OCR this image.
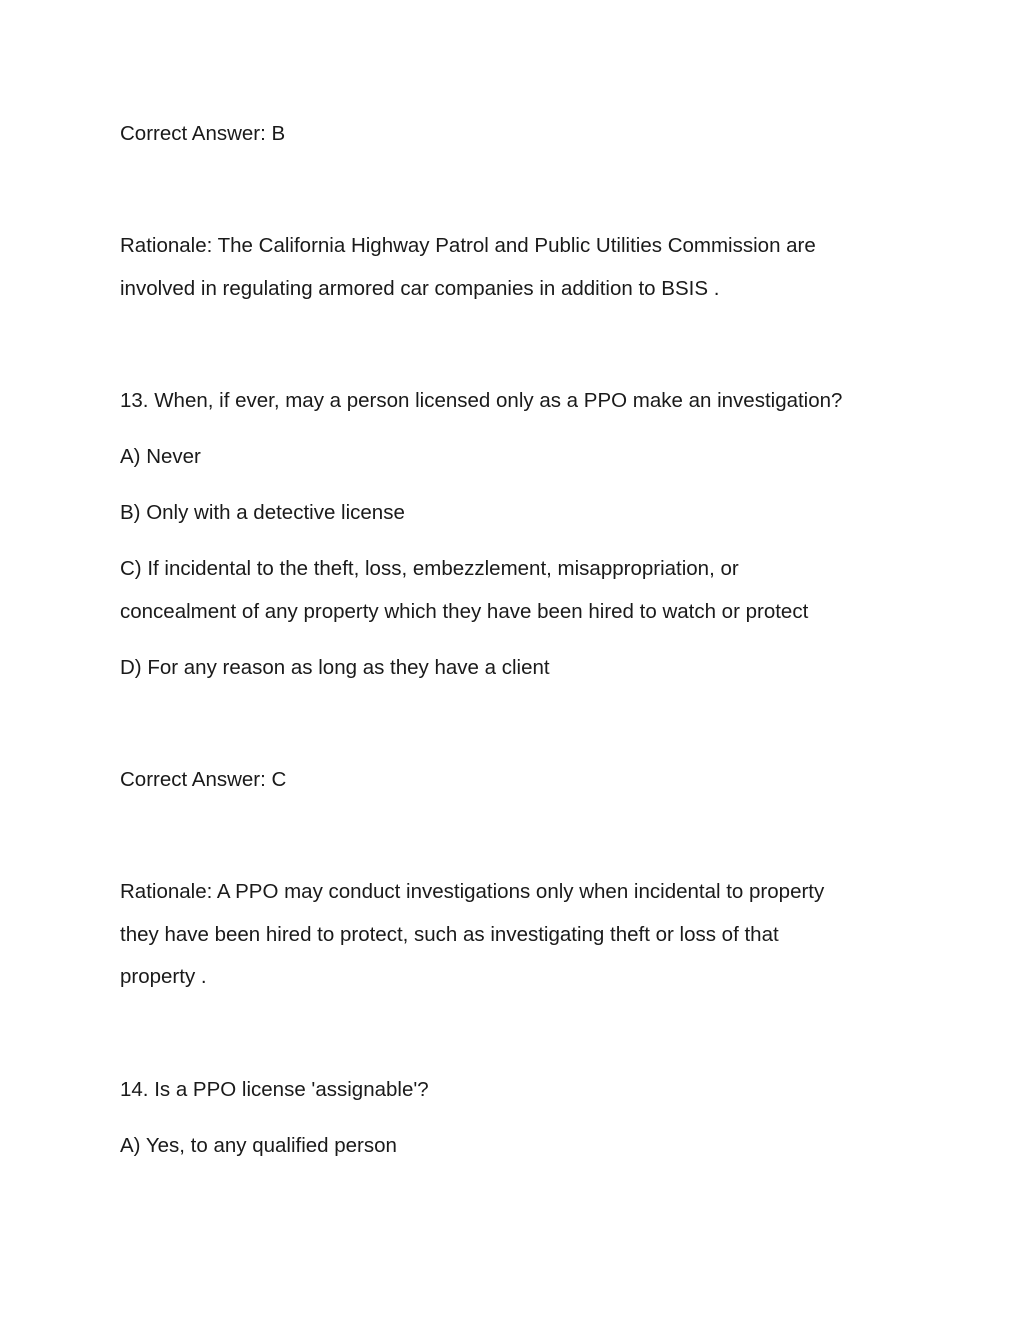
Correct Answer: B
Rationale: The California Highway Patrol and Public Utilities Commission are
involved in regulating armored car companies in addition to BSIS .
13. When, if ever, may a person licensed only as a PPO make an investigation?
A) Never
B) Only with a detective license
C) If incidental to the theft, loss, embezzlement, misappropriation, or
concealment of any property which they have been hired to watch or protect
D) For any reason as long as they have a client
Correct Answer: C
Rationale: A PPO may conduct investigations only when incidental to property
they have been hired to protect, such as investigating theft or loss of that
property .
14. Is a PPO license 'assignable'?
A) Yes, to any qualified person
